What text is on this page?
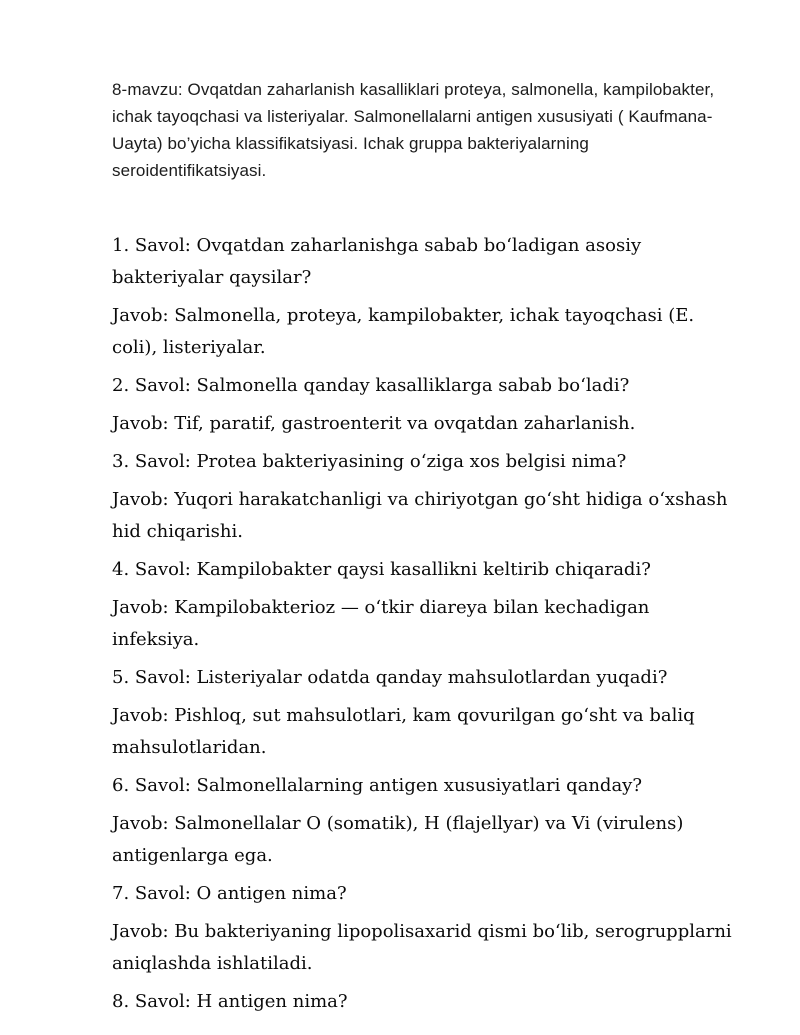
8-mavzu: Ovqatdan zaharlanish kasalliklari proteya, salmonella, kampilobakter, ichak tayoqchasi va listeriyalar. Salmonellalarni antigen xususiyati ( Kaufmana-Uayta) bo’yicha klassifikatsiyasi. Ichak gruppa bakteriyalarning seroidentifikatsiyasi.

1. Savol: Ovqatdan zaharlanishga sabab boʻladigan asosiy bakteriyalar qaysilar?

Javob: Salmonella, proteya, kampilobakter, ichak tayoqchasi (E. coli), listeriyalar.

2. Savol: Salmonella qanday kasalliklarga sabab boʻladi?

Javob: Tif, paratif, gastroenterit va ovqatdan zaharlanish.

3. Savol: Protea bakteriyasining oʻziga xos belgisi nima?

Javob: Yuqori harakatchanligi va chiriyotgan goʻsht hidiga oʻxshash hid chiqarishi.

4. Savol: Kampilobakter qaysi kasallikni keltirib chiqaradi?

Javob: Kampilobakterioz — oʻtkir diareya bilan kechadigan infeksiya.

5. Savol: Listeriyalar odatda qanday mahsulotlardan yuqadi?

Javob: Pishloq, sut mahsulotlari, kam qovurilgan goʻsht va baliq mahsulotlaridan.

6. Savol: Salmonellalarning antigen xususiyatlari qanday?

Javob: Salmonellalar O (somatik), H (flajellyar) va Vi (virulens) antigenlarga ega.

7. Savol: O antigen nima?

Javob: Bu bakteriyaning lipopolisaxarid qismi boʻlib, serogrupplarni aniqlashda ishlatiladi.

8. Savol: H antigen nima?
